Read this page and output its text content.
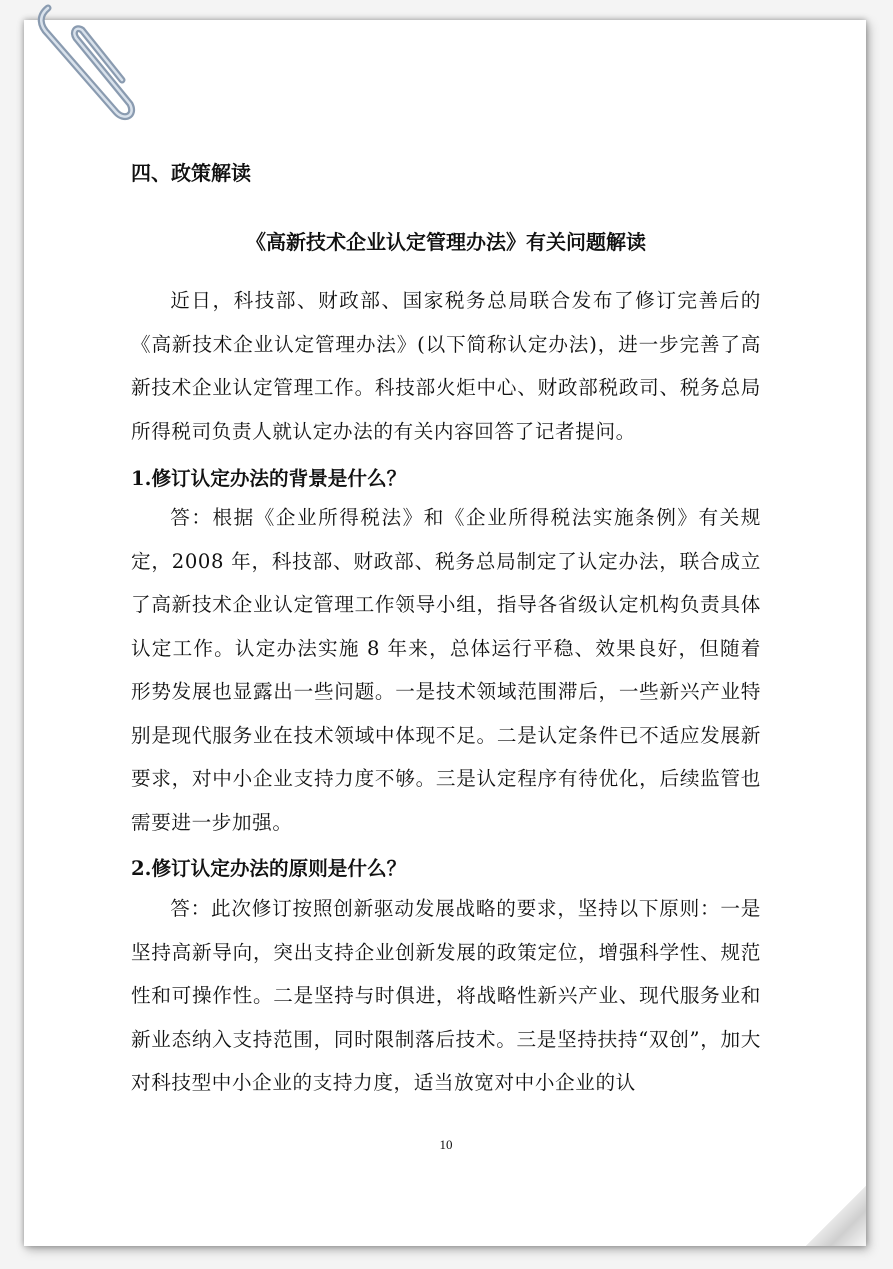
四、政策解读
《高新技术企业认定管理办法》有关问题解读

近日，科技部、财政部、国家税务总局联合发布了修订完善后的《高新技术企业认定管理办法》(以下简称认定办法)，进一步完善了高新技术企业认定管理工作。科技部火炬中心、财政部税政司、税务总局所得税司负责人就认定办法的有关内容回答了记者提问。

1.修订认定办法的背景是什么？

答：根据《企业所得税法》和《企业所得税法实施条例》有关规定，2008 年，科技部、财政部、税务总局制定了认定办法，联合成立了高新技术企业认定管理工作领导小组，指导各省级认定机构负责具体认定工作。认定办法实施 8 年来，总体运行平稳、效果良好，但随着形势发展也显露出一些问题。一是技术领域范围滞后，一些新兴产业特别是现代服务业在技术领域中体现不足。二是认定条件已不适应发展新要求，对中小企业支持力度不够。三是认定程序有待优化，后续监管也需要进一步加强。

2.修订认定办法的原则是什么？

答：此次修订按照创新驱动发展战略的要求，坚持以下原则：一是坚持高新导向，突出支持企业创新发展的政策定位，增强科学性、规范性和可操作性。二是坚持与时俱进，将战略性新兴产业、现代服务业和新业态纳入支持范围，同时限制落后技术。三是坚持扶持“双创”，加大对科技型中小企业的支持力度，适当放宽对中小企业的认

10
